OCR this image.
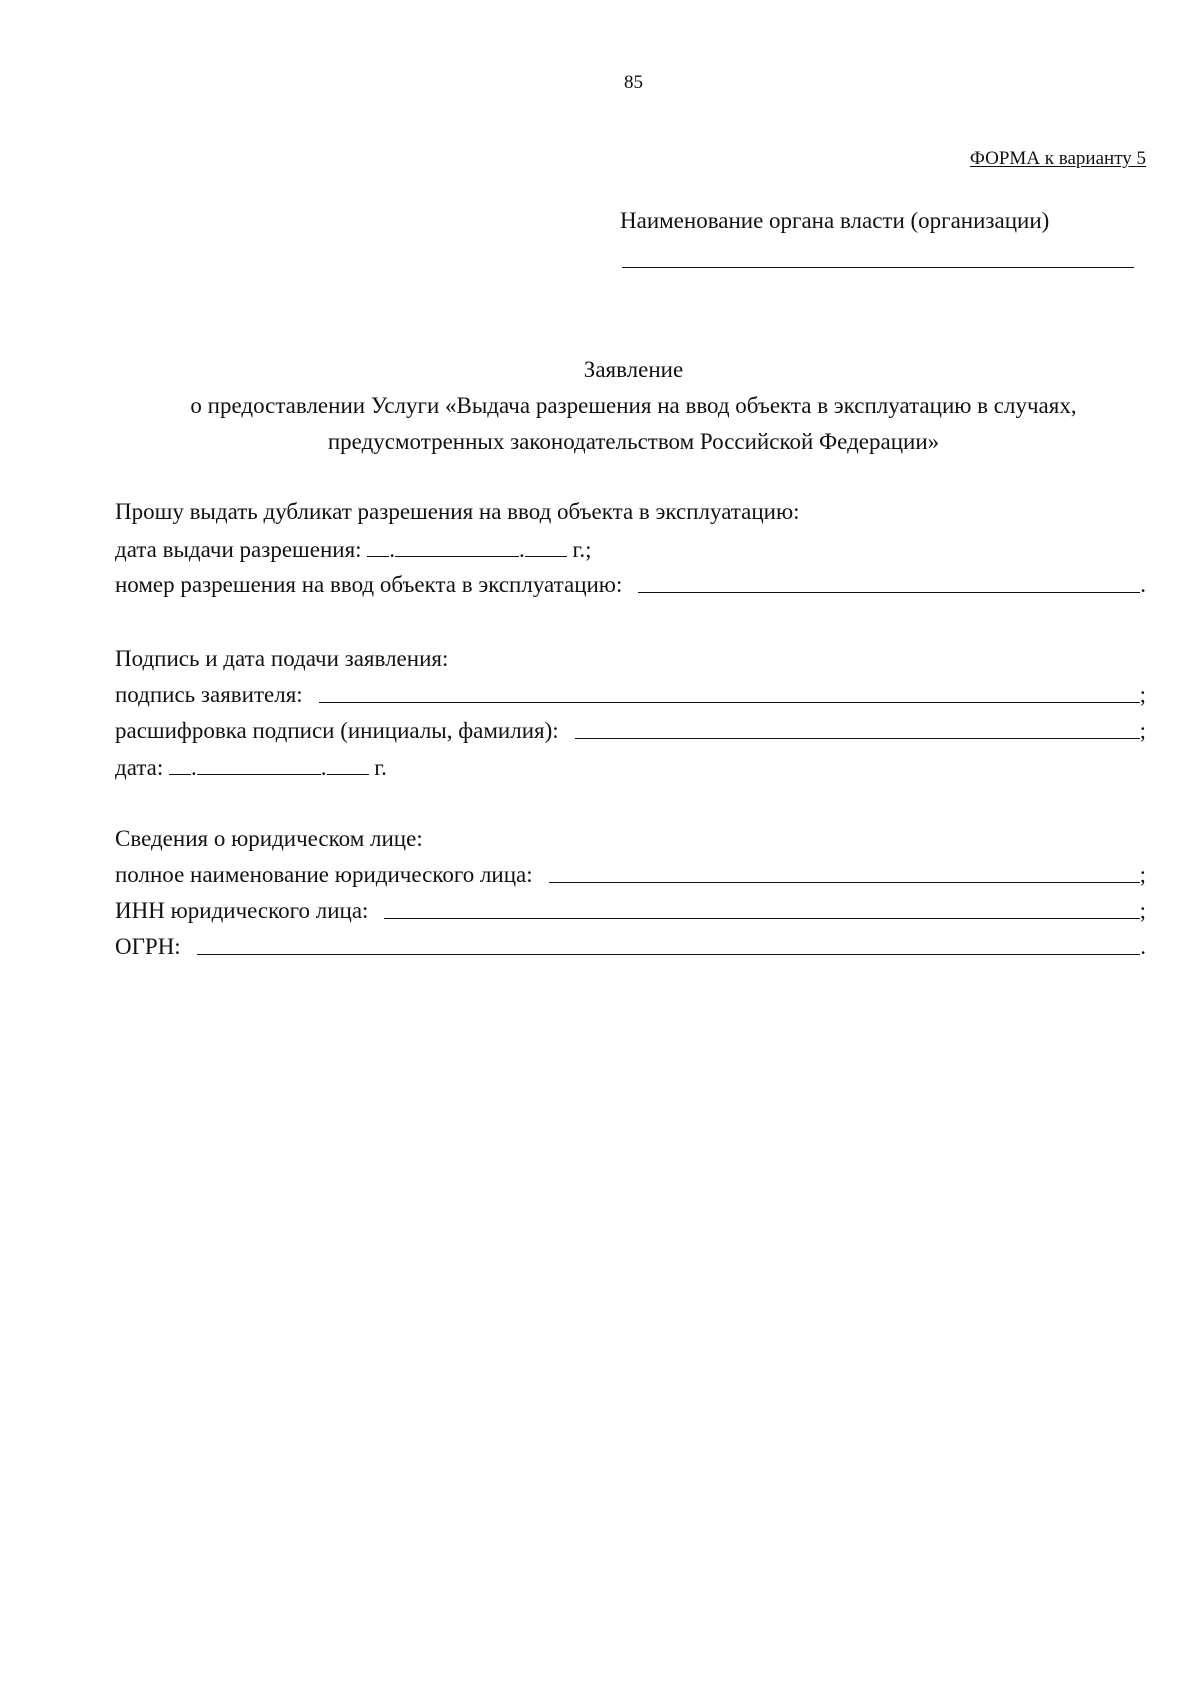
85
ФОРМА к варианту 5
Наименование органа власти (организации)
Заявление
о предоставлении Услуги «Выдача разрешения на ввод объекта в эксплуатацию в случаях,
предусмотренных законодательством Российской Федерации»
Прошу выдать дубликат разрешения на ввод объекта в эксплуатацию:
дата выдачи разрешения:
.	.
г.;
номер разрешения на ввод объекта в эксплуатацию:	.
Подпись и дата подачи заявления:
подпись заявителя:	;
расшифровка подписи (инициалы, фамилия):	;
дата:
.	.
г.
Сведения о юридическом лице:
полное наименование юридического лица:	;
ИНН юридического лица:	;
ОГРН:	.
